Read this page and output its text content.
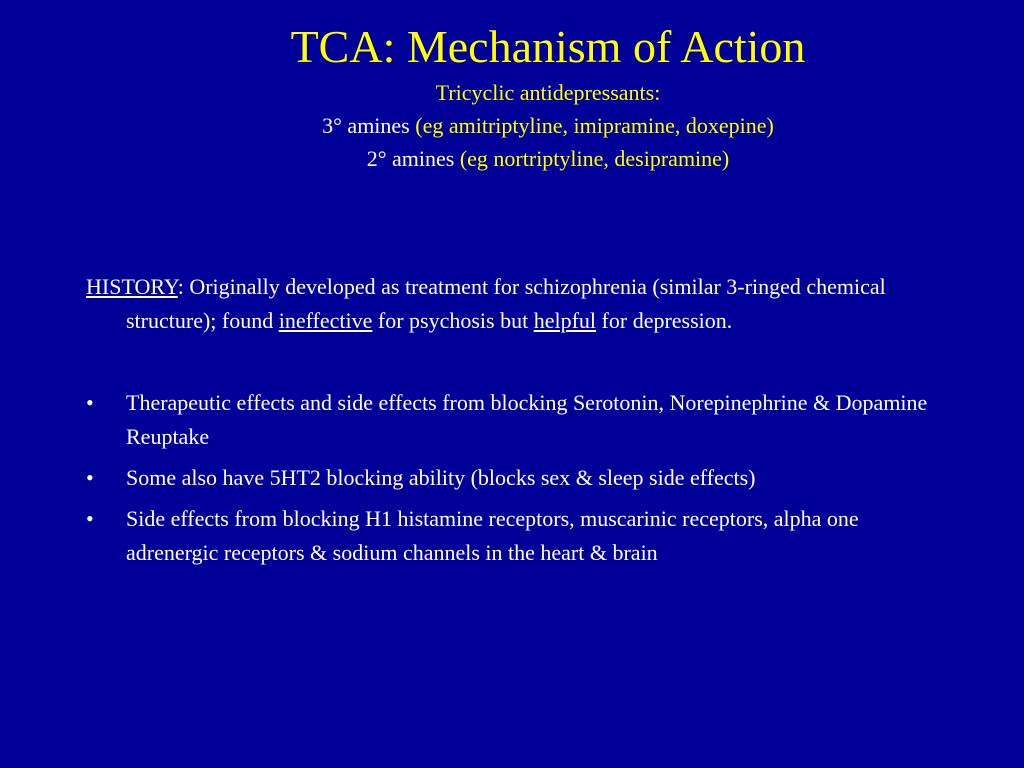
TCA: Mechanism of Action
Tricyclic antidepressants:
3° amines (eg amitriptyline, imipramine, doxepine)
2° amines (eg nortriptyline, desipramine)

HISTORY: Originally developed as treatment for schizophrenia (similar 3-ringed chemical structure); found ineffective for psychosis but helpful for depression.

•	Therapeutic effects and side effects from blocking Serotonin, Norepinephrine & Dopamine Reuptake
•	Some also have 5HT2 blocking ability (blocks sex & sleep side effects)
•	Side effects from blocking H1 histamine receptors, muscarinic receptors, alpha one adrenergic receptors & sodium channels in the heart & brain
